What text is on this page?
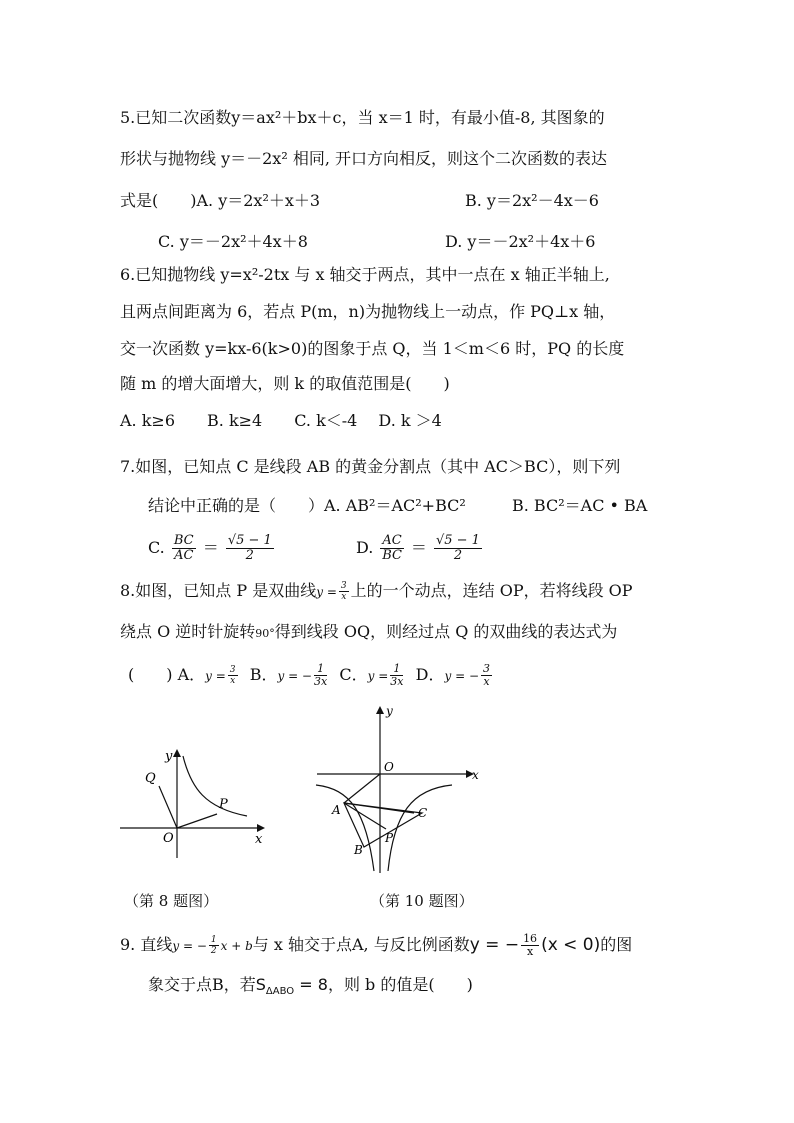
5.已知二次函数y＝ax²＋bx＋c，当 x＝1 时，有最小值-8, 其图象的
形状与抛物线 y＝－2x² 相同, 开口方向相反，则这个二次函数的表达
式是(　　)A. y＝2x²＋x＋3	B. y＝2x²－4x－6
C. y＝－2x²＋4x＋8	D. y＝－2x²＋4x＋6
6.已知抛物线 y=x²-2tx 与 x 轴交于两点，其中一点在 x 轴正半轴上,
且两点间距离为 6，若点 P(m，n)为抛物线上一动点，作 PQ⊥x 轴，
交一次函数 y=kx-6(k>0)的图象于点 Q，当 1＜m＜6 时，PQ 的长度
随 m 的增大面增大，则 k 的取值范围是(　　)
A. k≥6　　B. k≥4　　C. k＜-4　 D. k ＞4
7.如图，已知点 C 是线段 AB 的黄金分割点（其中 AC＞BC），则下列
结论中正确的是（　　）A. AB²＝AC²+BC²	B. BC²＝AC • BA
C. $\frac{BC}{AC} = \frac{√5 - 1}{2}$	D. $\frac{AC}{BC} = \frac{√5 - 1}{2}$
8.如图，已知点 P 是双曲线$y = \frac{3}{x}$ 上的一个动点，连结 OP，若将线段 OP
绕点 O 逆时针旋转90°得到线段 OQ，则经过点 Q 的双曲线的表达式为
(　　) A．$y = \frac{3}{x}$ B．y = − $\frac{1}{3x}$ C．$y = \frac{1}{3x}$ D．y = − $\frac{3}{x}$
y
x
O
Q
P
y
x
O
A
B
C
P
（第 8 题图）	（第 10 题图）
9. 直线y = − $\frac{1}{2}$ x + b与 x 轴交于点A, 与反比例函数y = − $\frac{16}{x} (x < 0)$的图
象交于点B，若$S_{\Delta ABO} = 8$，则 b 的值是(　　)
